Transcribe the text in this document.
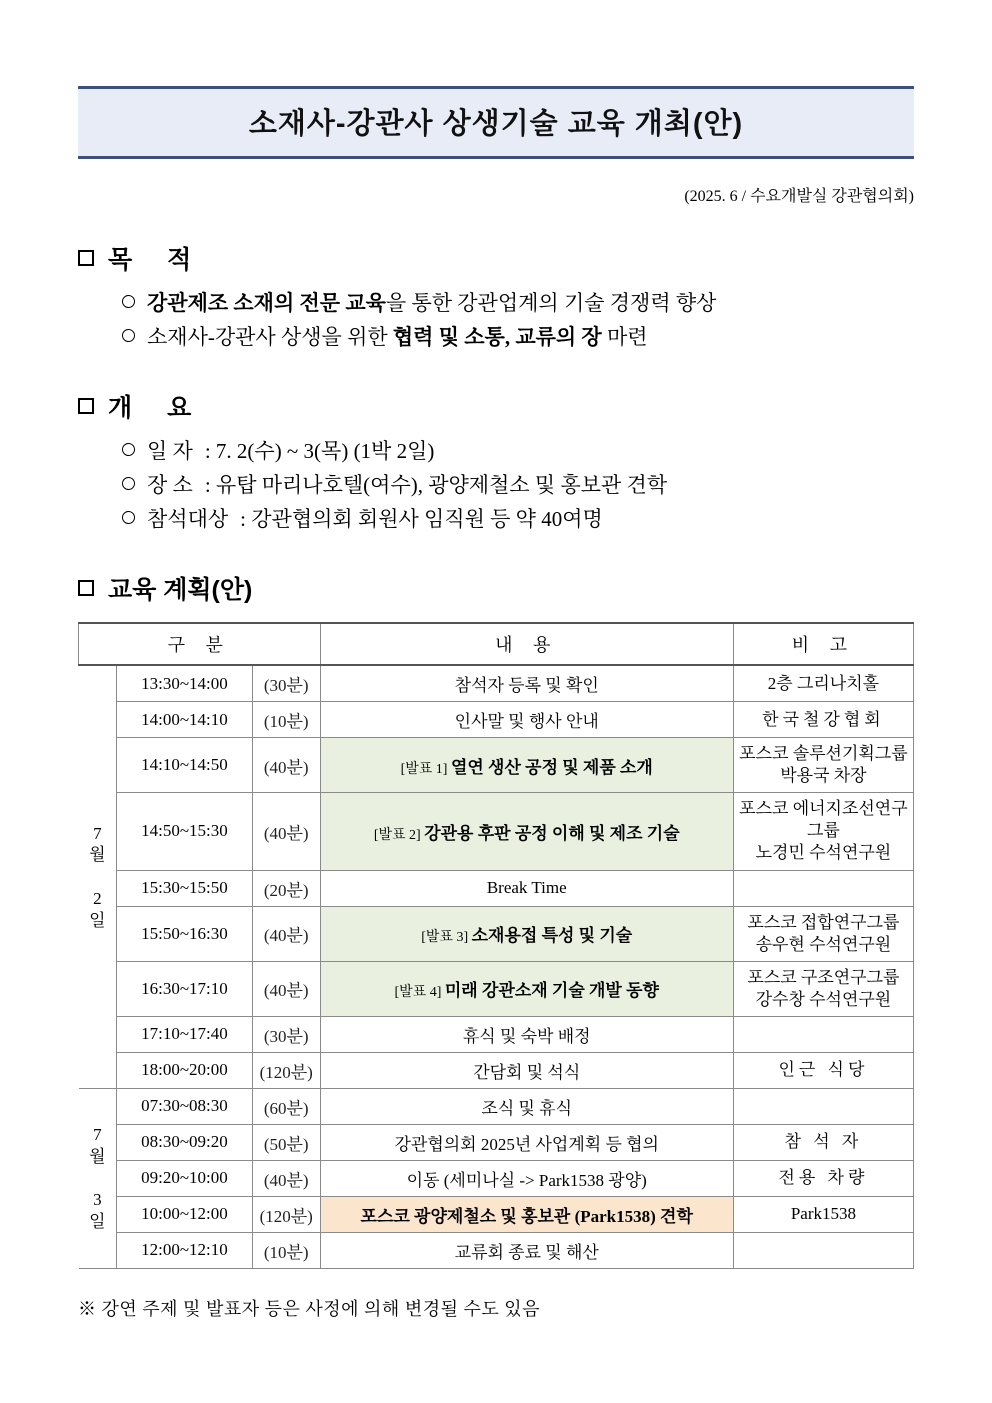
소재사-강관사 상생기술 교육 개최(안)
(2025. 6 / 수요개발실 강관협의회)
목 적
강관제조 소재의 전문 교육을 통한 강관업계의 기술 경쟁력 향상
소재사-강관사 상생을 위한 협력 및 소통, 교류의 장 마련
개 요
일 자 : 7. 2(수) ~ 3(목) (1박 2일)
장 소 : 유탑 마리나호텔(여수), 광양제철소 및 홍보관 견학
참석대상 : 강관협의회 회원사 임직원 등 약 40여명
교육 계획(안)
구 분			내 용	비 고
7
월

2
일	13:30~14:00	(30분)	참석자 등록 및 확인	2층 그리나치홀
	14:00~14:10	(10분)	인사말 및 행사 안내	한국철강협회
	14:10~14:50	(40분)	[발표 1] 열연 생산 공정 및 제품 소개	포스코 솔루션기획그룹
박용국 차장
	14:50~15:30	(40분)	[발표 2] 강관용 후판 공정 이해 및 제조 기술	포스코 에너지조선연구그룹
노경민 수석연구원
	15:30~15:50	(20분)	Break Time	
	15:50~16:30	(40분)	[발표 3] 소재용접 특성 및 기술	포스코 접합연구그룹
송우현 수석연구원
	16:30~17:10	(40분)	[발표 4] 미래 강관소재 기술 개발 동향	포스코 구조연구그룹
강수창 수석연구원
	17:10~17:40	(30분)	휴식 및 숙박 배정	
	18:00~20:00	(120분)	간담회 및 석식	인근 식당
7
월

3
일	07:30~08:30	(60분)	조식 및 휴식	
	08:30~09:20	(50분)	강관협의회 2025년 사업계획 등 협의	참 석 자
	09:20~10:00	(40분)	이동 (세미나실 -> Park1538 광양)	전용 차량
	10:00~12:00	(120분)	포스코 광양제철소 및 홍보관 (Park1538) 견학	Park1538
	12:00~12:10	(10분)	교류회 종료 및 해산	
※ 강연 주제 및 발표자 등은 사정에 의해 변경될 수도 있음
